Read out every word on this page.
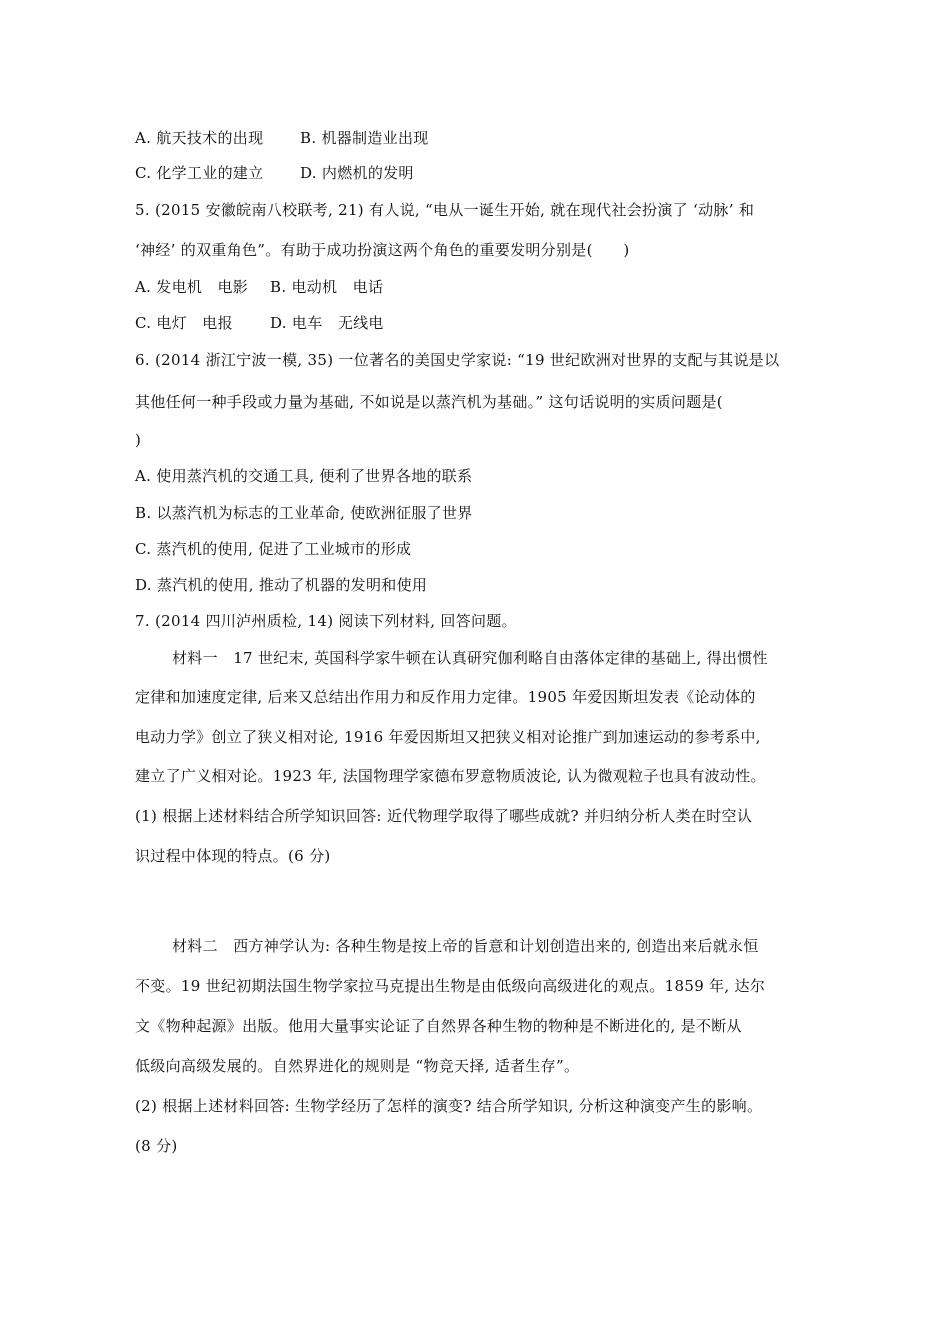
A. 航天技术的出现 B. 机器制造业出现
C. 化学工业的建立 D. 内燃机的发明
5. (2015 安徽皖南八校联考, 21) 有人说, “电从一诞生开始, 就在现代社会扮演了 ‘动脉’ 和
‘神经’ 的双重角色”。有助于成功扮演这两个角色的重要发明分别是(　　)
A. 发电机　电影 B. 电动机　电话
C. 电灯　电报 D. 电车　无线电
6. (2014 浙江宁波一模, 35) 一位著名的美国史学家说: “19 世纪欧洲对世界的支配与其说是以
其他任何一种手段或力量为基础, 不如说是以蒸汽机为基础。” 这句话说明的实质问题是(
)
A. 使用蒸汽机的交通工具, 便利了世界各地的联系
B. 以蒸汽机为标志的工业革命, 使欧洲征服了世界
C. 蒸汽机的使用, 促进了工业城市的形成
D. 蒸汽机的使用, 推动了机器的发明和使用
7. (2014 四川泸州质检, 14) 阅读下列材料, 回答问题。
材料一　17 世纪末, 英国科学家牛顿在认真研究伽利略自由落体定律的基础上, 得出惯性
定律和加速度定律, 后来又总结出作用力和反作用力定律。1905 年爱因斯坦发表《论动体的
电动力学》创立了狭义相对论, 1916 年爱因斯坦又把狭义相对论推广到加速运动的参考系中,
建立了广义相对论。1923 年, 法国物理学家德布罗意物质波论, 认为微观粒子也具有波动性。
(1) 根据上述材料结合所学知识回答: 近代物理学取得了哪些成就? 并归纳分析人类在时空认
识过程中体现的特点。(6 分)
材料二　西方神学认为: 各种生物是按上帝的旨意和计划创造出来的, 创造出来后就永恒
不变。19 世纪初期法国生物学家拉马克提出生物是由低级向高级进化的观点。1859 年, 达尔
文《物种起源》出版。他用大量事实论证了自然界各种生物的物种是不断进化的, 是不断从
低级向高级发展的。自然界进化的规则是 “物竞天择, 适者生存”。
(2) 根据上述材料回答: 生物学经历了怎样的演变? 结合所学知识, 分析这种演变产生的影响。
(8 分)
